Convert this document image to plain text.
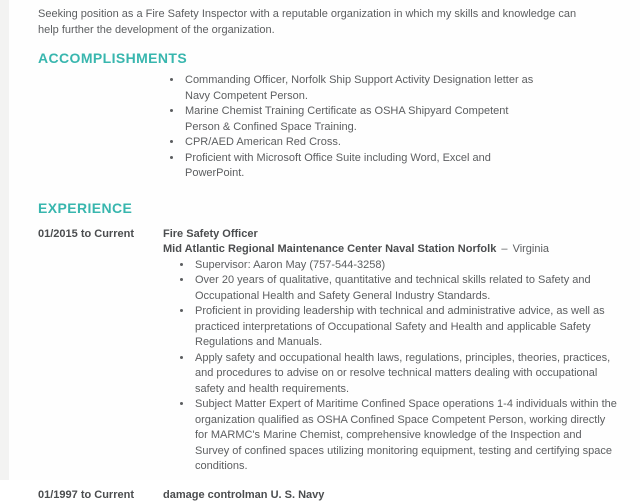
Seeking position as a Fire Safety Inspector with a reputable organization in which my skills and knowledge can help further the development of the organization.

ACCOMPLISHMENTS
• Commanding Officer, Norfolk Ship Support Activity Designation letter as Navy Competent Person.
• Marine Chemist Training Certificate as OSHA Shipyard Competent Person & Confined Space Training.
• CPR/AED American Red Cross.
• Proficient with Microsoft Office Suite including Word, Excel and PowerPoint.
EXPERIENCE
01/2015 to Current	Fire Safety Officer
Mid Atlantic Regional Maintenance Center Naval Station Norfolk – Virginia
• Supervisor: Aaron May (757-544-3258)
• Over 20 years of qualitative, quantitative and technical skills related to Safety and Occupational Health and Safety General Industry Standards.
• Proficient in providing leadership with technical and administrative advice, as well as practiced interpretations of Occupational Safety and Health and applicable Safety Regulations and Manuals.
• Apply safety and occupational health laws, regulations, principles, theories, practices, and procedures to advise on or resolve technical matters dealing with occupational safety and health requirements.
• Subject Matter Expert of Maritime Confined Space operations 1-4 individuals within the organization qualified as OSHA Confined Space Competent Person, working directly for MARMC's Marine Chemist, comprehensive knowledge of the Inspection and Survey of confined spaces utilizing monitoring equipment, testing and certifying space conditions.
01/1997 to Current	damage controlman U. S. Navy
